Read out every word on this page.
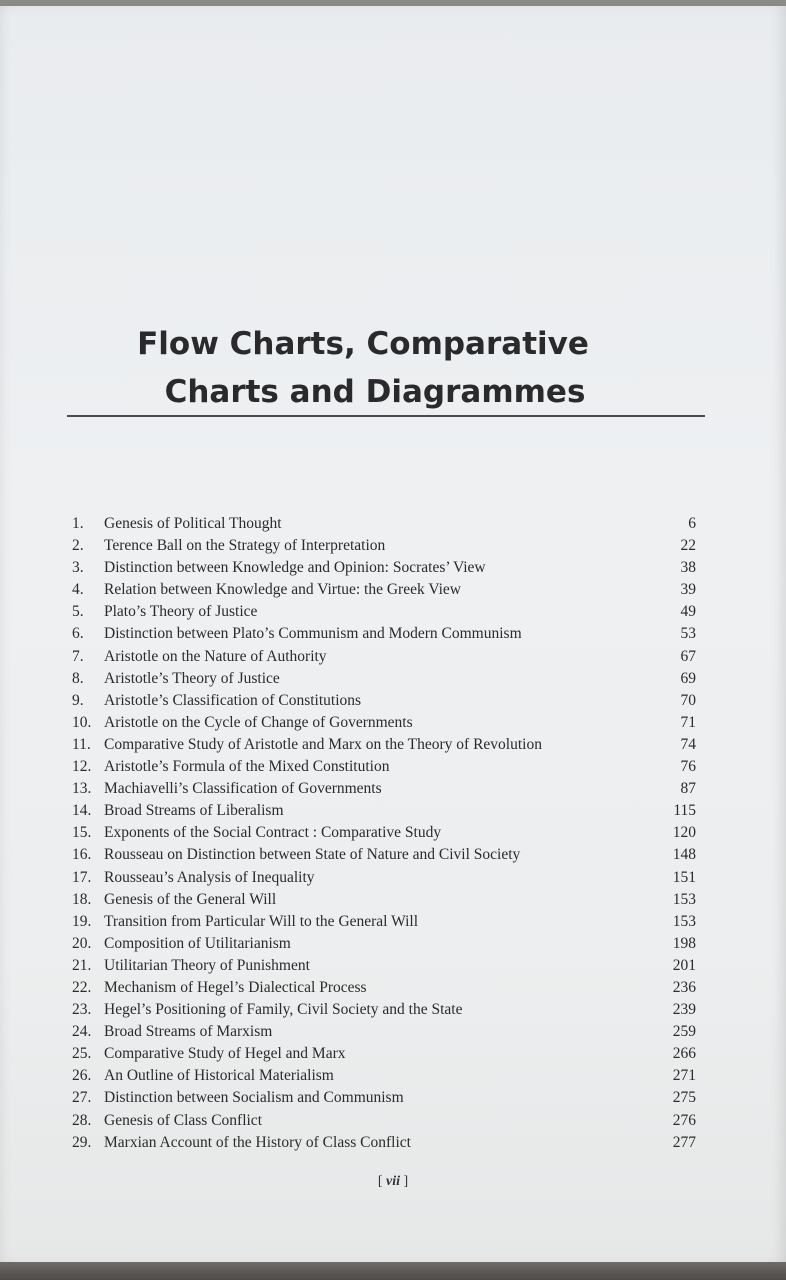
Flow Charts, Comparative
Charts and Diagrammes
1. Genesis of Political Thought	6
2. Terence Ball on the Strategy of Interpretation	22
3. Distinction between Knowledge and Opinion: Socrates’ View	38
4. Relation between Knowledge and Virtue: the Greek View	39
5. Plato’s Theory of Justice	49
6. Distinction between Plato’s Communism and Modern Communism	53
7. Aristotle on the Nature of Authority	67
8. Aristotle’s Theory of Justice	69
9. Aristotle’s Classification of Constitutions	70
10. Aristotle on the Cycle of Change of Governments	71
11. Comparative Study of Aristotle and Marx on the Theory of Revolution	74
12. Aristotle’s Formula of the Mixed Constitution	76
13. Machiavelli’s Classification of Governments	87
14. Broad Streams of Liberalism	115
15. Exponents of the Social Contract : Comparative Study	120
16. Rousseau on Distinction between State of Nature and Civil Society	148
17. Rousseau’s Analysis of Inequality	151
18. Genesis of the General Will	153
19. Transition from Particular Will to the General Will	153
20. Composition of Utilitarianism	198
21. Utilitarian Theory of Punishment	201
22. Mechanism of Hegel’s Dialectical Process	236
23. Hegel’s Positioning of Family, Civil Society and the State	239
24. Broad Streams of Marxism	259
25. Comparative Study of Hegel and Marx	266
26. An Outline of Historical Materialism	271
27. Distinction between Socialism and Communism	275
28. Genesis of Class Conflict	276
29. Marxian Account of the History of Class Conflict	277
[ vii ]
